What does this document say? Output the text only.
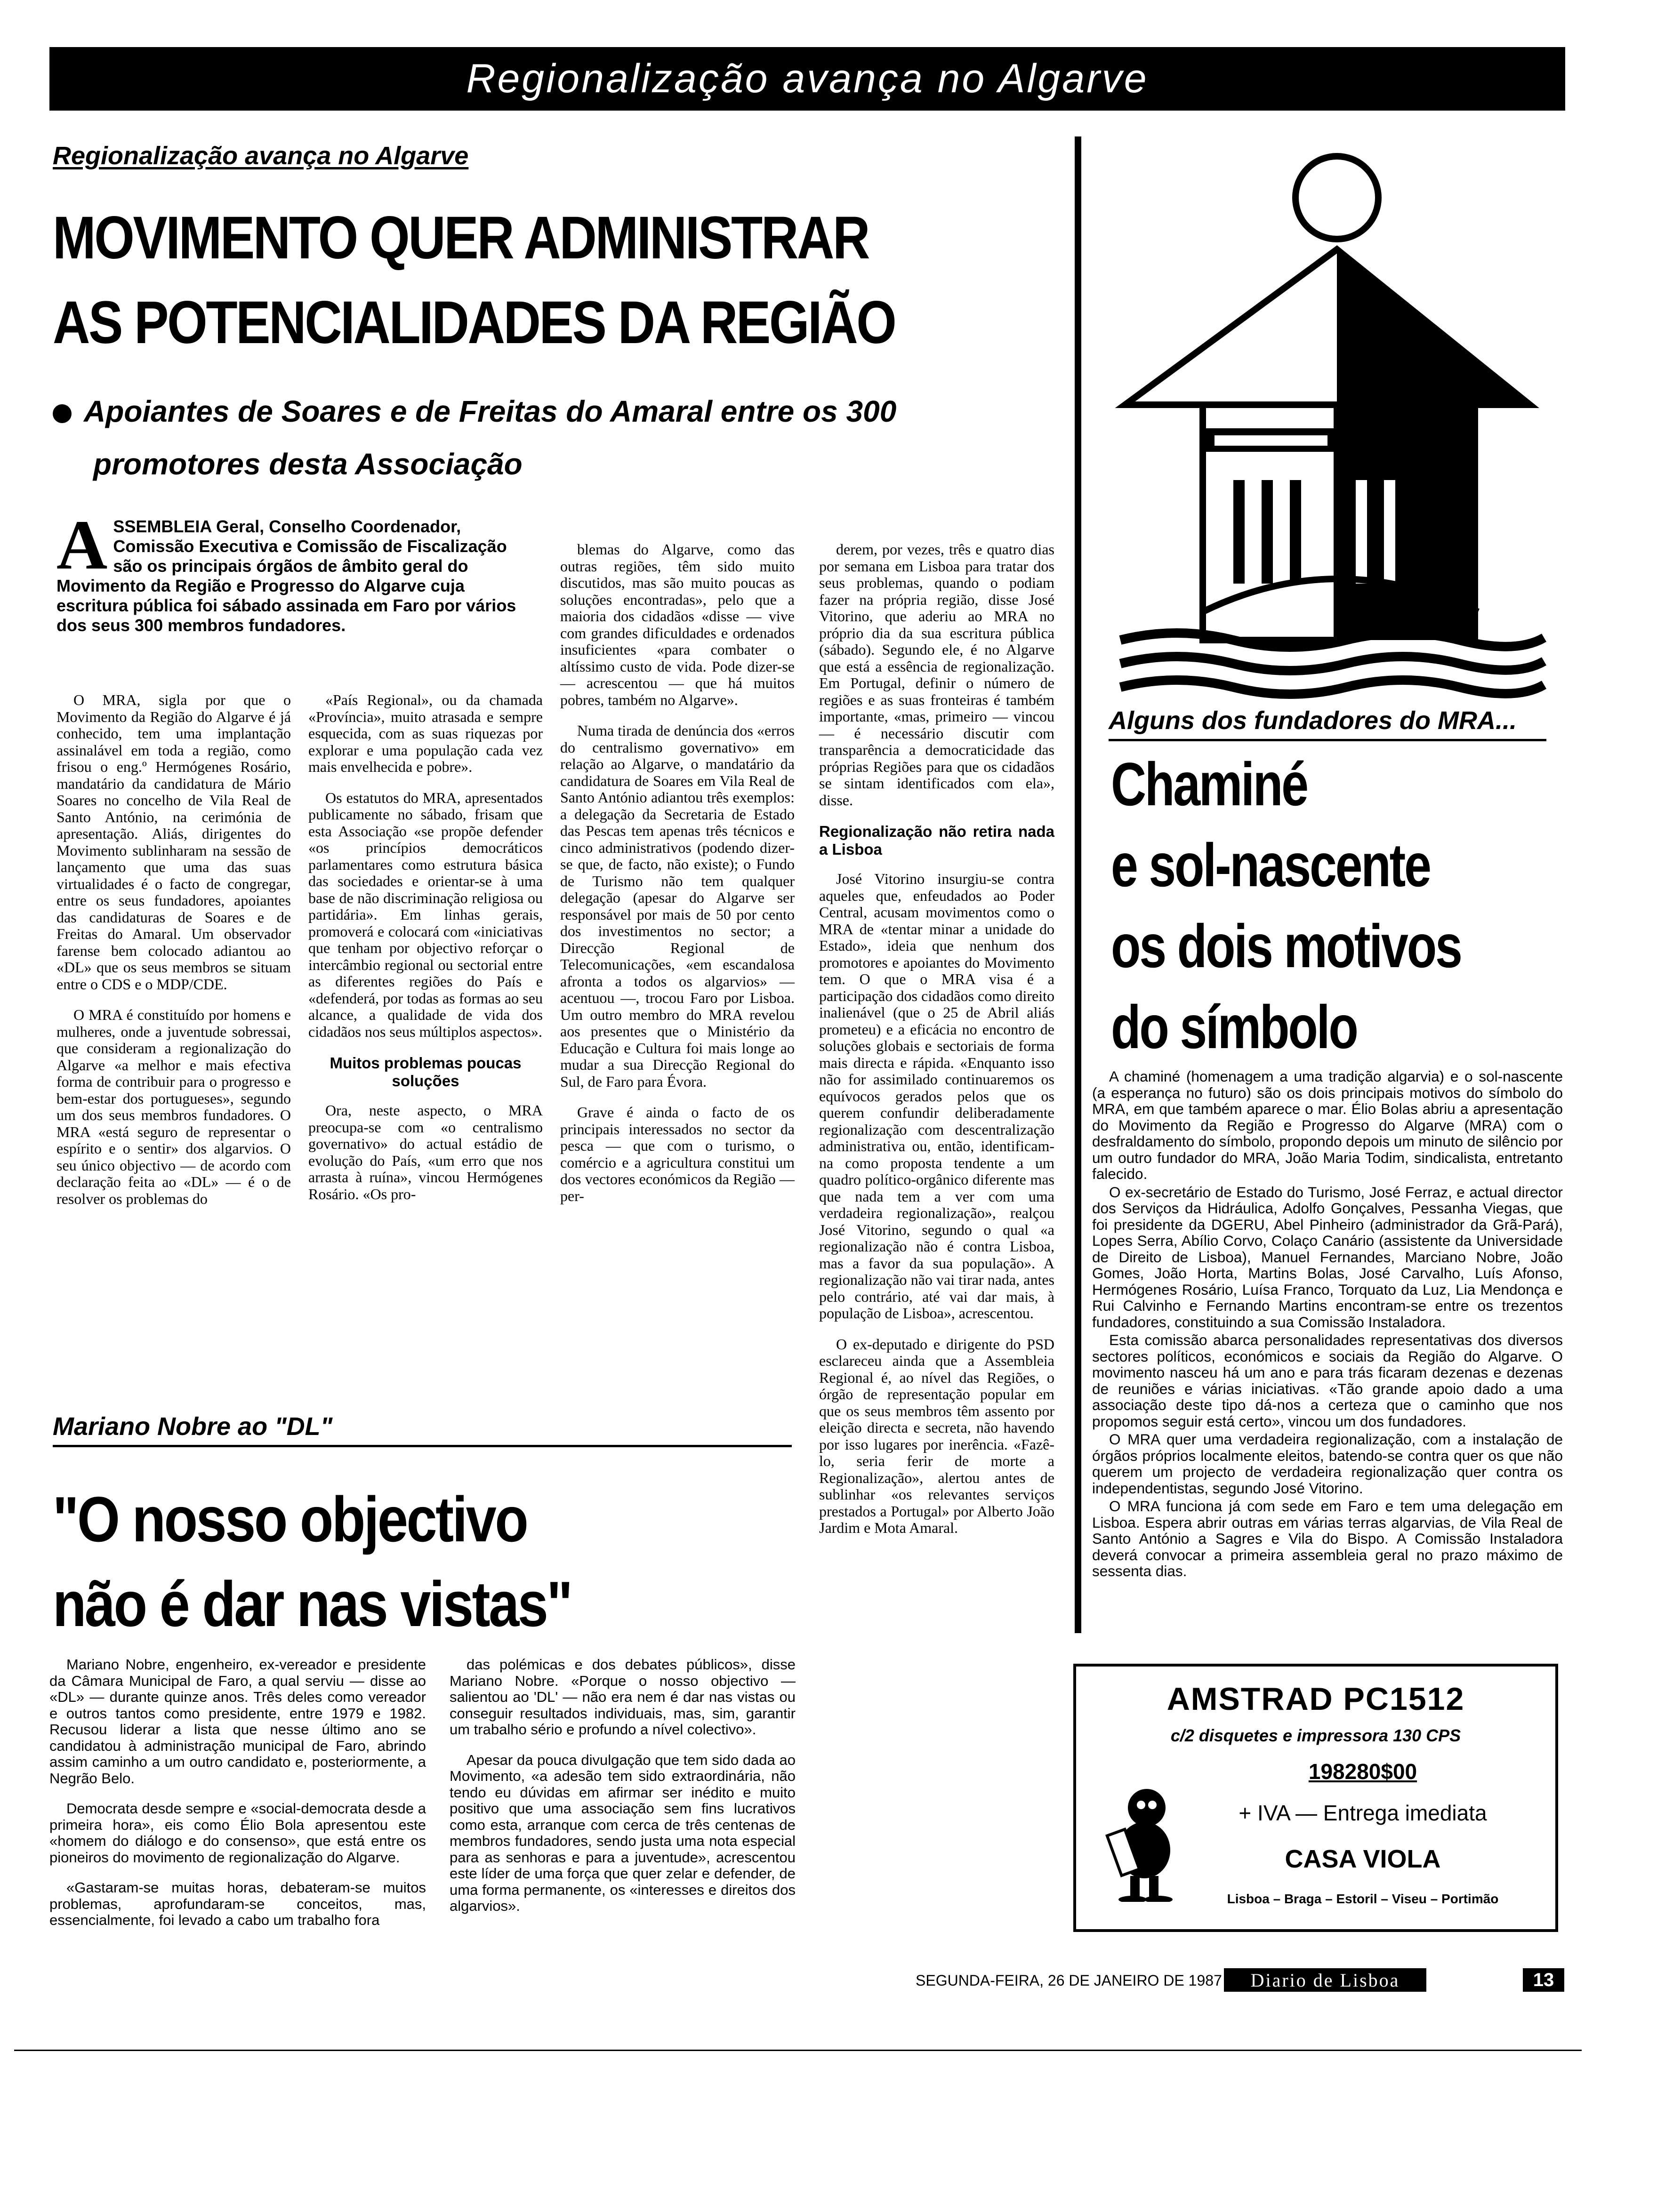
Regionalização avança no Algarve
Regionalização avança no Algarve
MOVIMENTO QUER ADMINISTRAR
AS POTENCIALIDADES DA REGIÃO
Apoiantes de Soares e de Freitas do Amaral entre os 300
promotores desta Associação
ASSEMBLEIA Geral, Conselho Coordenador, Comissão Executiva e Comissão de Fiscalização são os principais órgãos de âmbito geral do Movimento da Região e Progresso do Algarve cuja escritura pública foi sábado assinada em Faro por vários dos seus 300 membros fundadores.

O MRA, sigla por que o Movimento da Região do Algarve é já conhecido, tem uma implantação assinalável em toda a região, como frisou o eng.º Hermógenes Rosário, mandatário da candidatura de Mário Soares no concelho de Vila Real de Santo António, na cerimónia de apresentação. Aliás, dirigentes do Movimento sublinharam na sessão de lançamento que uma das suas virtualidades é o facto de congregar, entre os seus fundadores, apoiantes das candidaturas de Soares e de Freitas do Amaral. Um observador farense bem colocado adiantou ao «DL» que os seus membros se situam entre o CDS e o MDP/CDE.

O MRA é constituído por homens e mulheres, onde a juventude sobressai, que consideram a regionalização do Algarve «a melhor e mais efectiva forma de contribuir para o progresso e bem-estar dos portugueses», segundo um dos seus membros fundadores. O MRA «está seguro de representar o espírito e o sentir» dos algarvios. O seu único objectivo — de acordo com declaração feita ao «DL» — é o de resolver os problemas do

«País Regional», ou da chamada «Província», muito atrasada e sempre esquecida, com as suas riquezas por explorar e uma população cada vez mais envelhecida e pobre».

Os estatutos do MRA, apresentados publicamente no sábado, frisam que esta Associação «se propõe defender «os princípios democráticos parlamentares como estrutura básica das sociedades e orientar-se à uma base de não discriminação religiosa ou partidária». Em linhas gerais, promoverá e colocará com «iniciativas que tenham por objectivo reforçar o intercâmbio regional ou sectorial entre as diferentes regiões do País e «defenderá, por todas as formas ao seu alcance, a qualidade de vida dos cidadãos nos seus múltiplos aspectos».

Muitos problemas poucas soluções

Ora, neste aspecto, o MRA preocupa-se com «o centralismo governativo» do actual estádio de evolução do País, «um erro que nos arrasta à ruína», vincou Hermógenes Rosário. «Os pro-

blemas do Algarve, como das outras regiões, têm sido muito discutidos, mas são muito poucas as soluções encontradas», pelo que a maioria dos cidadãos «disse — vive com grandes dificuldades e ordenados insuficientes «para combater o altíssimo custo de vida. Pode dizer-se — acrescentou — que há muitos pobres, também no Algarve».

Numa tirada de denúncia dos «erros do centralismo governativo» em relação ao Algarve, o mandatário da candidatura de Soares em Vila Real de Santo António adiantou três exemplos: a delegação da Secretaria de Estado das Pescas tem apenas três técnicos e cinco administrativos (podendo dizer-se que, de facto, não existe); o Fundo de Turismo não tem qualquer delegação (apesar do Algarve ser responsável por mais de 50 por cento dos investimentos no sector; a Direcção Regional de Telecomunicações, «em escandalosa afronta a todos os algarvios» — acentuou —, trocou Faro por Lisboa. Um outro membro do MRA revelou aos presentes que o Ministério da Educação e Cultura foi mais longe ao mudar a sua Direcção Regional do Sul, de Faro para Évora.

Grave é ainda o facto de os principais interessados no sector da pesca — que com o turismo, o comércio e a agricultura constitui um dos vectores económicos da Região — per-

derem, por vezes, três e quatro dias por semana em Lisboa para tratar dos seus problemas, quando o podiam fazer na própria região, disse José Vitorino, que aderiu ao MRA no próprio dia da sua escritura pública (sábado). Segundo ele, é no Algarve que está a essência de regionalização. Em Portugal, definir o número de regiões e as suas fronteiras é também importante, «mas, primeiro — vincou — é necessário discutir com transparência a democraticidade das próprias Regiões para que os cidadãos se sintam identificados com ela», disse.

Regionalização não retira nada a Lisboa

José Vitorino insurgiu-se contra aqueles que, enfeudados ao Poder Central, acusam movimentos como o MRA de «tentar minar a unidade do Estado», ideia que nenhum dos promotores e apoiantes do Movimento tem. O que o MRA visa é a participação dos cidadãos como direito inalienável (que o 25 de Abril aliás prometeu) e a eficácia no encontro de soluções globais e sectoriais de forma mais directa e rápida. «Enquanto isso não for assimilado continuaremos os equívocos gerados pelos que os querem confundir deliberadamente regionalização com descentralização administrativa ou, então, identificam-na como proposta tendente a um quadro político-orgânico diferente mas que nada tem a ver com uma verdadeira regionalização», realçou José Vitorino, segundo o qual «a regionalização não é contra Lisboa, mas a favor da sua população». A regionalização não vai tirar nada, antes pelo contrário, até vai dar mais, à população de Lisboa», acrescentou.

O ex-deputado e dirigente do PSD esclareceu ainda que a Assembleia Regional é, ao nível das Regiões, o órgão de representação popular em que os seus membros têm assento por eleição directa e secreta, não havendo por isso lugares por inerência. «Fazê-lo, seria ferir de morte a Regionalização», alertou antes de sublinhar «os relevantes serviços prestados a Portugal» por Alberto João Jardim e Mota Amaral.

Mariano Nobre ao "DL"
"O nosso objectivo
não é dar nas vistas"

Mariano Nobre, engenheiro, ex-vereador e presidente da Câmara Municipal de Faro, a qual serviu — disse ao «DL» — durante quinze anos. Três deles como vereador e outros tantos como presidente, entre 1979 e 1982. Recusou liderar a lista que nesse último ano se candidatou à administração municipal de Faro, abrindo assim caminho a um outro candidato e, posteriormente, a Negrão Belo.

Democrata desde sempre e «social-democrata desde a primeira hora», eis como Élio Bola apresentou este «homem do diálogo e do consenso», que está entre os pioneiros do movimento de regionalização do Algarve.

«Gastaram-se muitas horas, debateram-se muitos problemas, aprofundaram-se conceitos, mas, essencialmente, foi levado a cabo um trabalho fora

das polémicas e dos debates públicos», disse Mariano Nobre. «Porque o nosso objectivo — salientou ao 'DL' — não era nem é dar nas vistas ou conseguir resultados individuais, mas, sim, garantir um trabalho sério e profundo a nível colectivo».

Apesar da pouca divulgação que tem sido dada ao Movimento, «a adesão tem sido extraordinária, não tendo eu dúvidas em afirmar ser inédito e muito positivo que uma associação sem fins lucrativos como esta, arranque com cerca de três centenas de membros fundadores, sendo justa uma nota especial para as senhoras e para a juventude», acrescentou este líder de uma força que quer zelar e defender, de uma forma permanente, os «interesses e direitos dos algarvios».

Alguns dos fundadores do MRA...
Chaminé
e sol-nascente
os dois motivos
do símbolo

A chaminé (homenagem a uma tradição algarvia) e o sol-nascente (a esperança no futuro) são os dois principais motivos do símbolo do MRA, em que também aparece o mar. Élio Bolas abriu a apresentação do Movimento da Região e Progresso do Algarve (MRA) com o desfraldamento do símbolo, propondo depois um minuto de silêncio por um outro fundador do MRA, João Maria Todim, sindicalista, entretanto falecido.

O ex-secretário de Estado do Turismo, José Ferraz, e actual director dos Serviços da Hidráulica, Adolfo Gonçalves, Pessanha Viegas, que foi presidente da DGERU, Abel Pinheiro (administrador da Grã-Pará), Lopes Serra, Abílio Corvo, Colaço Canário (assistente da Universidade de Direito de Lisboa), Manuel Fernandes, Marciano Nobre, João Gomes, João Horta, Martins Bolas, José Carvalho, Luís Afonso, Hermógenes Rosário, Luísa Franco, Torquato da Luz, Lia Mendonça e Rui Calvinho e Fernando Martins encontram-se entre os trezentos fundadores, constituindo a sua Comissão Instaladora.

Esta comissão abarca personalidades representativas dos diversos sectores políticos, económicos e sociais da Região do Algarve. O movimento nasceu há um ano e para trás ficaram dezenas e dezenas de reuniões e várias iniciativas. «Tão grande apoio dado a uma associação deste tipo dá-nos a certeza que o caminho que nos propomos seguir está certo», vincou um dos fundadores.

O MRA quer uma verdadeira regionalização, com a instalação de órgãos próprios localmente eleitos, batendo-se contra quer os que não querem um projecto de verdadeira regionalização quer contra os independentistas, segundo José Vitorino.

O MRA funciona já com sede em Faro e tem uma delegação em Lisboa. Espera abrir outras em várias terras algarvias, de Vila Real de Santo António a Sagres e Vila do Bispo. A Comissão Instaladora deverá convocar a primeira assembleia geral no prazo máximo de sessenta dias.

AMSTRAD PC1512
c/2 disquetes e impressora 130 CPS
198280$00
+ IVA — Entrega imediata
CASA VIOLA
Lisboa – Braga – Estoril – Viseu – Portimão
SEGUNDA-FEIRA, 26 DE JANEIRO DE 1987	Diario de Lisboa	13
